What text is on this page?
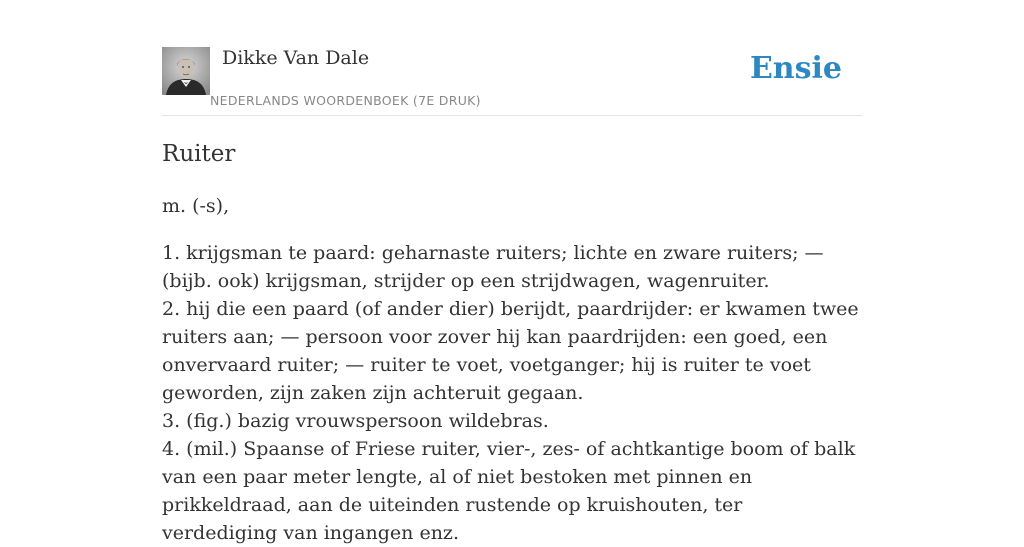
Dikke Van Dale
NEDERLANDS WOORDENBOEK (7E DRUK)
Ensie
Ruiter

m. (-s),

1. krijgsman te paard: geharnaste ruiters; lichte en zware ruiters; — (bijb. ook) krijgsman, strijder op een strijdwagen, wagenruiter.
2. hij die een paard (of ander dier) berijdt, paardrijder: er kwamen twee ruiters aan; — persoon voor zover hij kan paardrijden: een goed, een onvervaard ruiter; — ruiter te voet, voetganger; hij is ruiter te voet geworden, zijn zaken zijn achteruit gegaan.
3. (fig.) bazig vrouwspersoon wildebras.
4. (mil.) Spaanse of Friese ruiter, vier-, zes- of achtkantige boom of balk van een paar meter lengte, al of niet bestoken met pinnen en prikkeldraad, aan de uiteinden rustende op kruishouten, ter verdediging van ingangen enz.
